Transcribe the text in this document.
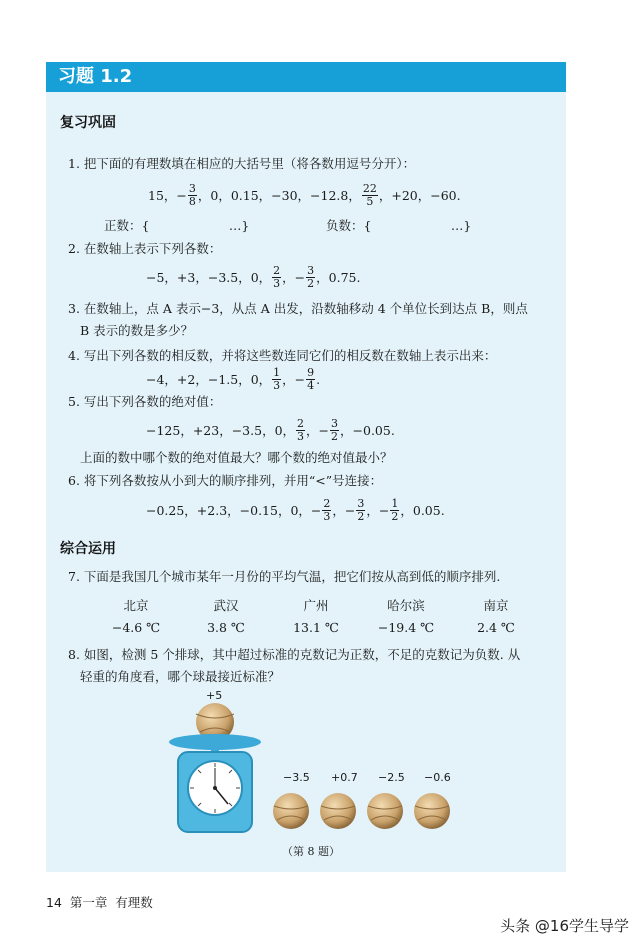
习题 1.2
复习巩固
1. 把下面的有理数填在相应的大括号里（将各数用逗号分开）：
15，− $\frac{3}{8}$ ，0，0.15，−30，−12.8， $\frac{22}{5}$ ，+20，−60.
正数：{                    …}	负数：{                    …}
2. 在数轴上表示下列各数：
−5，+3，−3.5，0， $\frac{2}{3}$ ，− $\frac{3}{2}$ ，0.75.
3. 在数轴上，点 A 表示−3，从点 A 出发，沿数轴移动 4 个单位长到达点 B，则点
B 表示的数是多少？
4. 写出下列各数的相反数，并将这些数连同它们的相反数在数轴上表示出来：
−4，+2，−1.5，0， $\frac{1}{3}$ ，− $\frac{9}{4}$ .
5. 写出下列各数的绝对值：
−125，+23，−3.5，0， $\frac{2}{3}$ ，− $\frac{3}{2}$ ，−0.05.
上面的数中哪个数的绝对值最大？哪个数的绝对值最小？
6. 将下列各数按从小到大的顺序排列，并用“<”号连接：
−0.25，+2.3，−0.15，0，− $\frac{2}{3}$ ，− $\frac{3}{2}$ ，− $\frac{1}{2}$ ，0.05.
综合运用
7. 下面是我国几个城市某年一月份的平均气温，把它们按从高到低的顺序排列.
北京	武汉	广州	哈尔滨	南京
−4.6 ℃	3.8 ℃	13.1 ℃	−19.4 ℃	2.4 ℃
8. 如图，检测 5 个排球，其中超过标准的克数记为正数，不足的克数记为负数. 从
轻重的角度看，哪个球最接近标准？
+5
−3.5 +0.7 −2.5 −0.6
（第 8 题）
14  第一章  有理数
头条 @16学生导学
